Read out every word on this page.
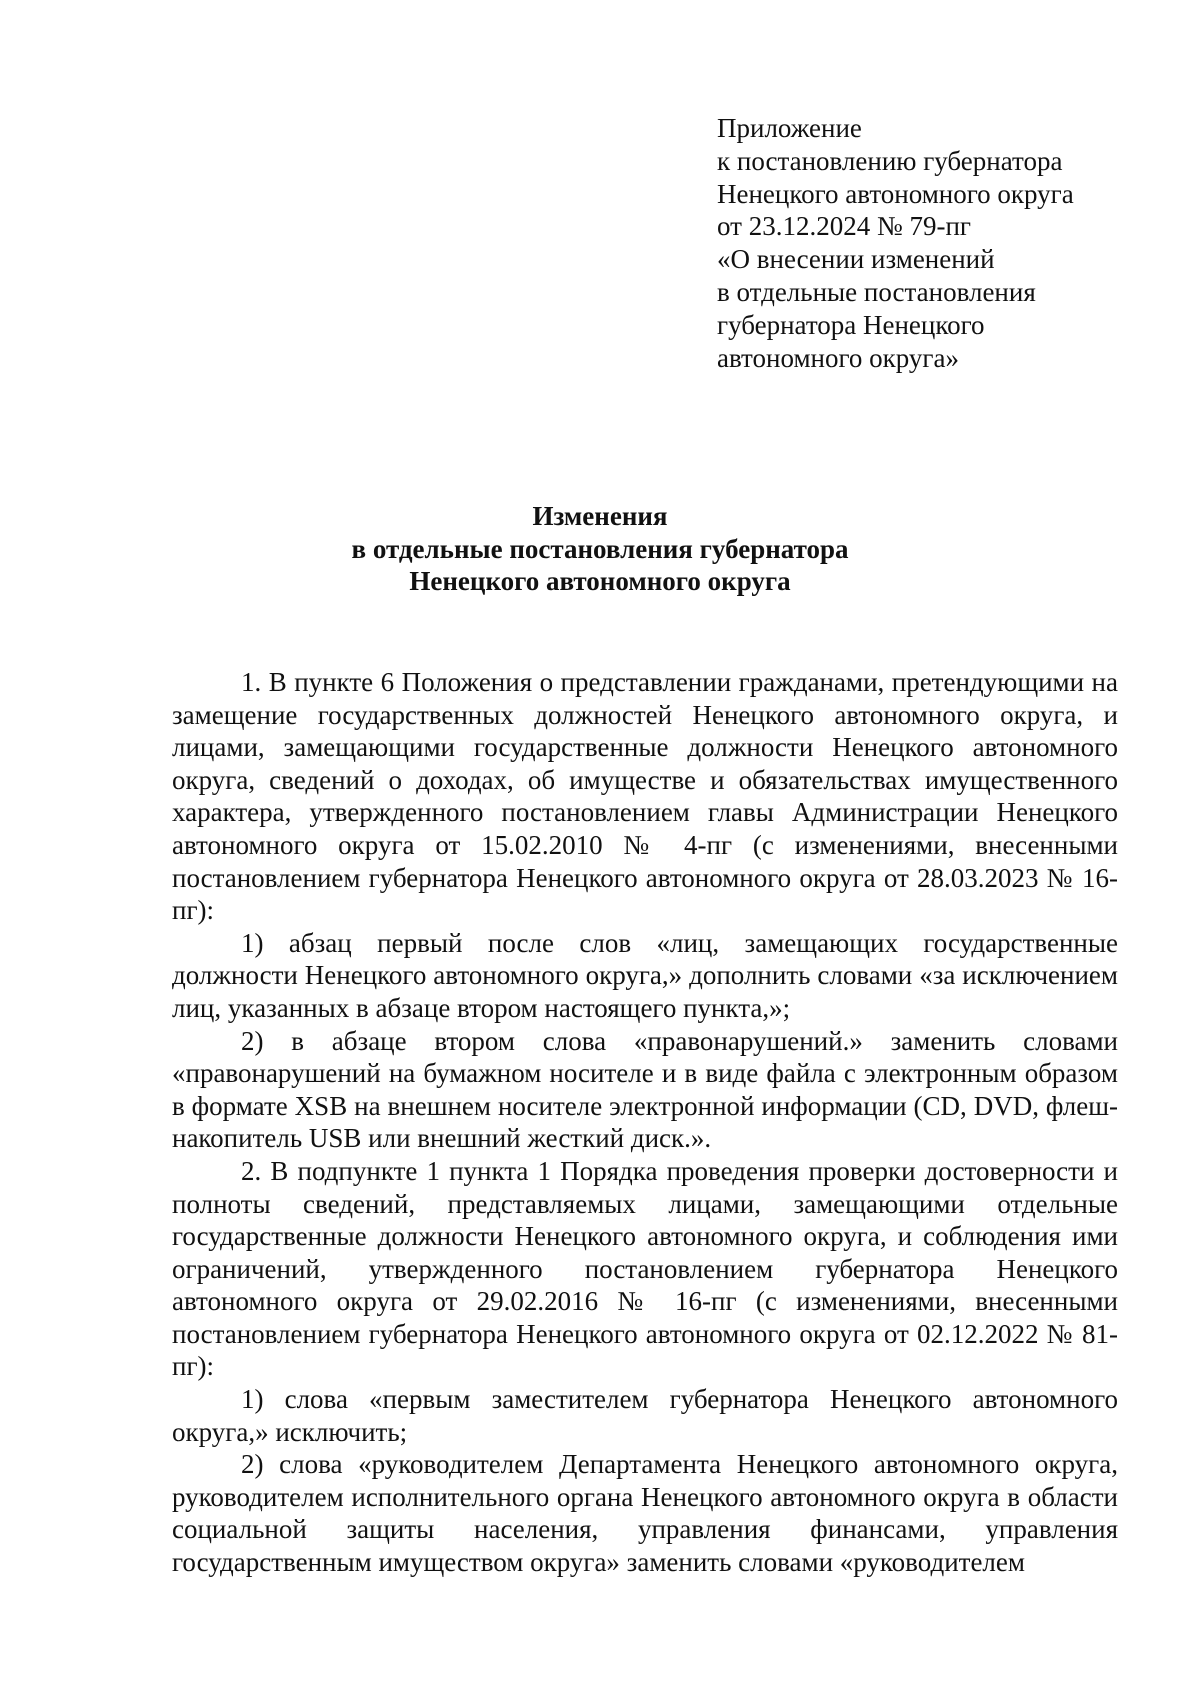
Приложение
к постановлению губернатора
Ненецкого автономного округа
от 23.12.2024 № 79-пг
«О внесении изменений
в отдельные постановления
губернатора Ненецкого
автономного округа»
Изменения
в отдельные постановления губернатора
Ненецкого автономного округа

1. В пункте 6 Положения о представлении гражданами, претендующими на замещение государственных должностей Ненецкого автономного округа, и лицами, замещающими государственные должности Ненецкого автономного округа, сведений о доходах, об имуществе и обязательствах имущественного характера, утвержденного постановлением главы Администрации Ненецкого автономного округа от 15.02.2010 № 4-пг (с изменениями, внесенными постановлением губернатора Ненецкого автономного округа от 28.03.2023 № 16-пг):

1) абзац первый после слов «лиц, замещающих государственные должности Ненецкого автономного округа,» дополнить словами «за исключением лиц, указанных в абзаце втором настоящего пункта,»;

2) в абзаце втором слова «правонарушений.» заменить словами «правонарушений на бумажном носителе и в виде файла с электронным образом в формате XSB на внешнем носителе электронной информации (CD, DVD, флеш-накопитель USB или внешний жесткий диск.».

2. В подпункте 1 пункта 1 Порядка проведения проверки достоверности и полноты сведений, представляемых лицами, замещающими отдельные государственные должности Ненецкого автономного округа, и соблюдения ими ограничений, утвержденного постановлением губернатора Ненецкого автономного округа от 29.02.2016 № 16-пг (с изменениями, внесенными постановлением губернатора Ненецкого автономного округа от 02.12.2022 № 81-пг):

1) слова «первым заместителем губернатора Ненецкого автономного округа,» исключить;

2) слова «руководителем Департамента Ненецкого автономного округа, руководителем исполнительного органа Ненецкого автономного округа в области социальной защиты населения, управления финансами, управления государственным имуществом округа» заменить словами «руководителем
